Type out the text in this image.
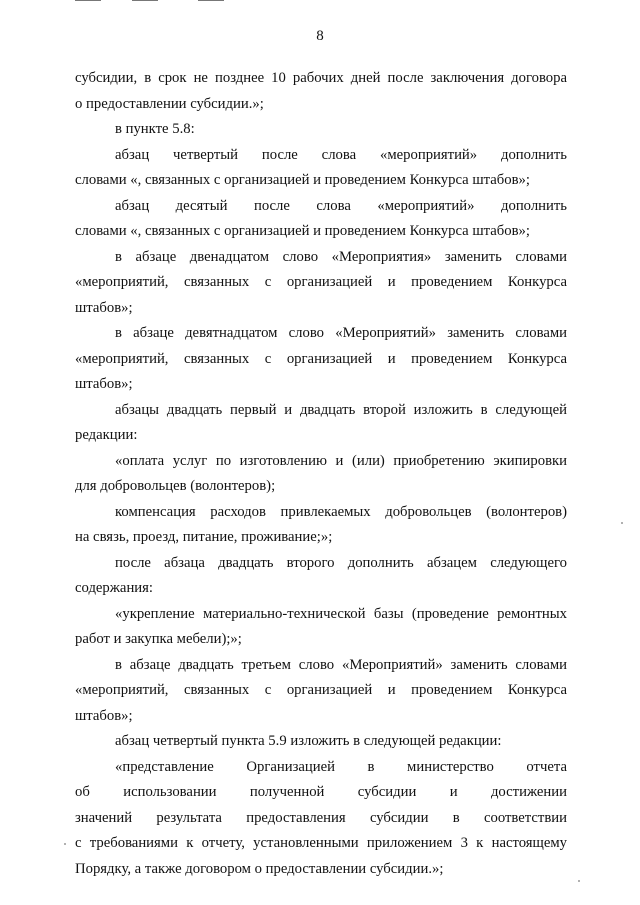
8
субсидии, в срок не позднее 10 рабочих дней после заключения договора
о предоставлении субсидии.»;
в пункте 5.8:
абзац четвертый после слова «мероприятий» дополнить
словами «, связанных с организацией и проведением Конкурса штабов»;
абзац десятый после слова «мероприятий» дополнить
словами «, связанных с организацией и проведением Конкурса штабов»;
в абзаце двенадцатом слово «Мероприятия» заменить словами
«мероприятий, связанных с организацией и проведением Конкурса
штабов»;
в абзаце девятнадцатом слово «Мероприятий» заменить словами
«мероприятий, связанных с организацией и проведением Конкурса
штабов»;
абзацы двадцать первый и двадцать второй изложить в следующей
редакции:
«оплата услуг по изготовлению и (или) приобретению экипировки
для добровольцев (волонтеров);
компенсация расходов привлекаемых добровольцев (волонтеров)
на связь, проезд, питание, проживание;»;
после абзаца двадцать второго дополнить абзацем следующего
содержания:
«укрепление материально-технической базы (проведение ремонтных
работ и закупка мебели);»;
в абзаце двадцать третьем слово «Мероприятий» заменить словами
«мероприятий, связанных с организацией и проведением Конкурса
штабов»;
абзац четвертый пункта 5.9 изложить в следующей редакции:
«представление Организацией в министерство отчета
об использовании полученной субсидии и достижении
значений результата предоставления субсидии в соответствии
с требованиями к отчету, установленными приложением 3 к настоящему
Порядку, а также договором о предоставлении субсидии.»;
